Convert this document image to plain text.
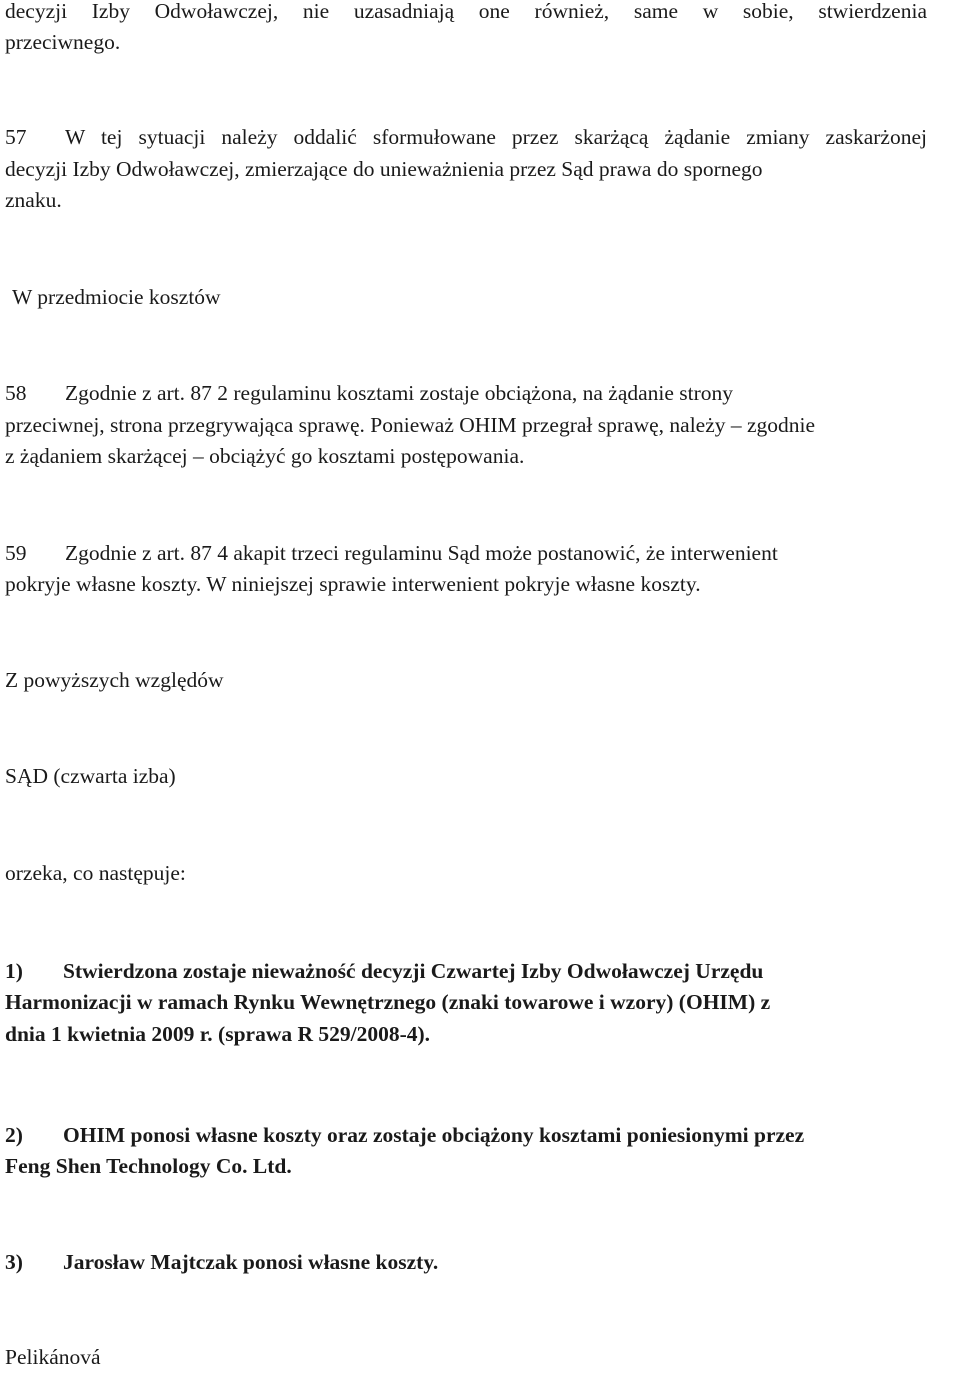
decyzji Izby Odwoławczej, nie uzasadniają one również, same w sobie, stwierdzenia

przeciwnego.

57 W tej sytuacji należy oddalić sformułowane przez skarżącą żądanie zmiany zaskarżonej

decyzji Izby Odwoławczej, zmierzające do unieważnienia przez Sąd prawa do spornego

znaku.

W przedmiocie kosztów

58 Zgodnie z art. 87 2 regulaminu kosztami zostaje obciążona, na żądanie strony

przeciwnej, strona przegrywająca sprawę. Ponieważ OHIM przegrał sprawę, należy – zgodnie

z żądaniem skarżącej – obciążyć go kosztami postępowania.

59 Zgodnie z art. 87 4 akapit trzeci regulaminu Sąd może postanowić, że interwenient

pokryje własne koszty. W niniejszej sprawie interwenient pokryje własne koszty.

Z powyższych względów

SĄD (czwarta izba)

orzeka, co następuje:

1) Stwierdzona zostaje nieważność decyzji Czwartej Izby Odwoławczej Urzędu

Harmonizacji w ramach Rynku Wewnętrznego (znaki towarowe i wzory) (OHIM) z

dnia 1 kwietnia 2009 r. (sprawa R 529/2008‑4).

2) OHIM ponosi własne koszty oraz zostaje obciążony kosztami poniesionymi przez

Feng Shen Technology Co. Ltd.

3) Jarosław Majtczak ponosi własne koszty.

Pelikánová
